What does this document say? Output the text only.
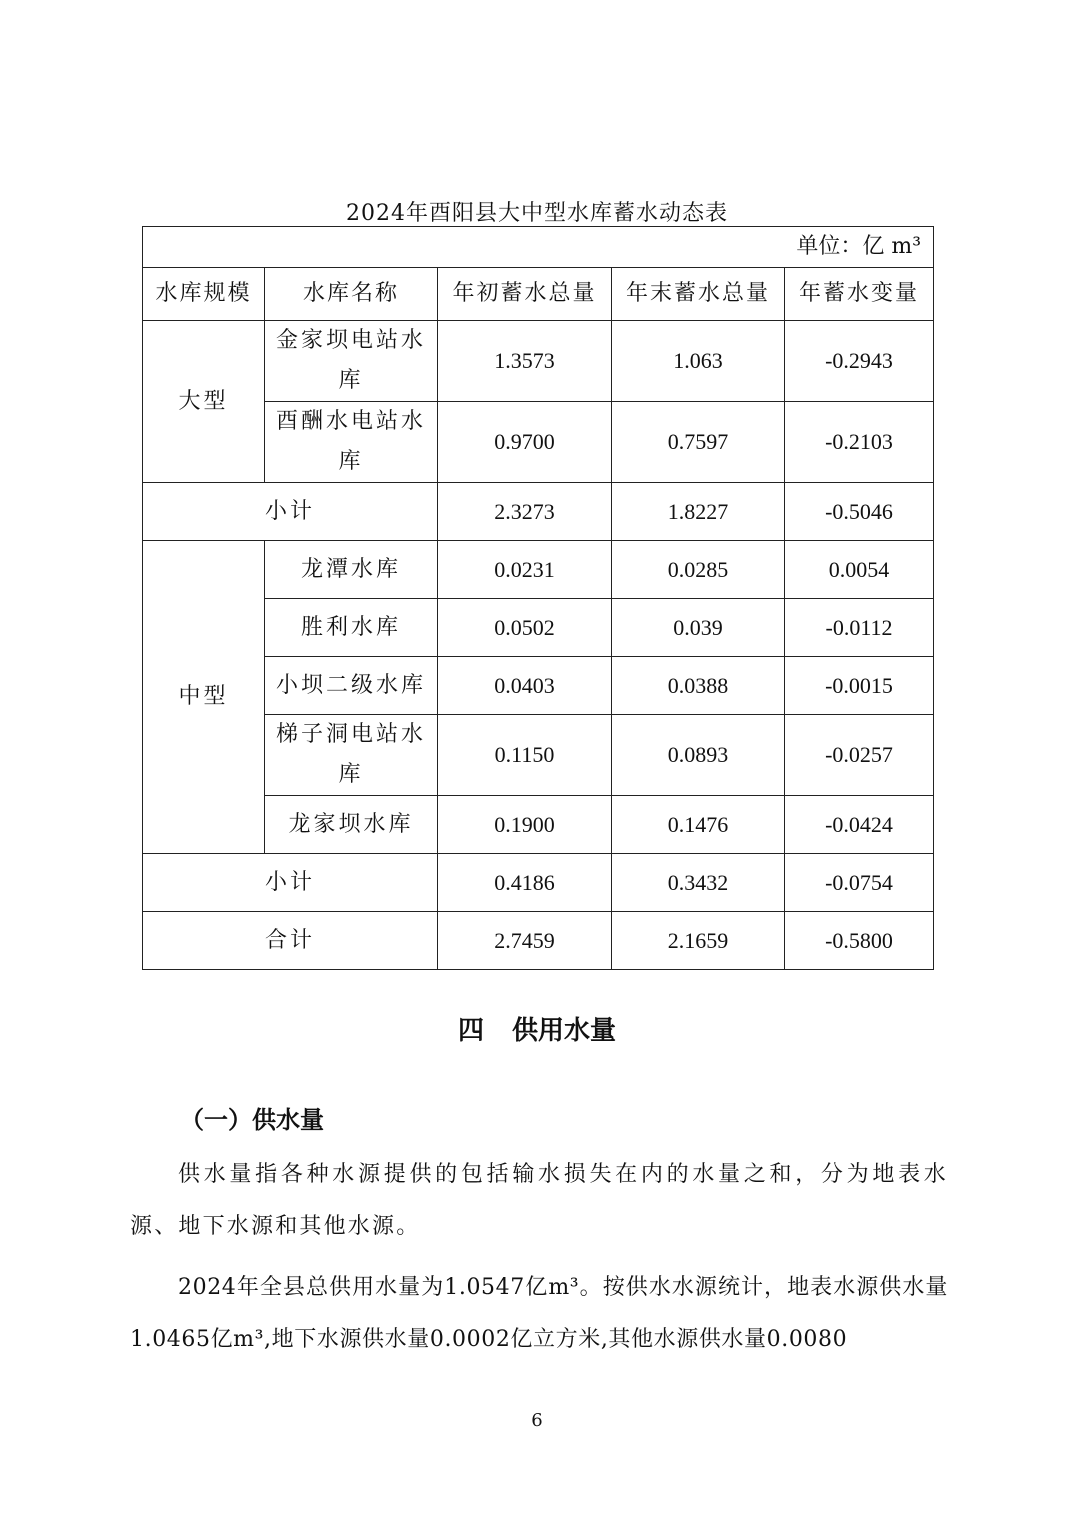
2024年酉阳县大中型水库蓄水动态表
单位：亿 m³				
水库规模	水库名称	年初蓄水总量	年末蓄水总量	年蓄水变量
大型	金家坝电站水库	1.3573	1.063	-0.2943
	酉酬水电站水库	0.9700	0.7597	-0.2103
小计		2.3273	1.8227	-0.5046
中型	龙潭水库	0.0231	0.0285	0.0054
	胜利水库	0.0502	0.039	-0.0112
	小坝二级水库	0.0403	0.0388	-0.0015
	梯子洞电站水库	0.1150	0.0893	-0.0257
	龙家坝水库	0.1900	0.1476	-0.0424
小计		0.4186	0.3432	-0.0754
合计		2.7459	2.1659	-0.5800
四 供用水量
（一）供水量

供水量指各种水源提供的包括输水损失在内的水量之和，分为地表水源、地下水源和其他水源。

2024年全县总供用水量为1.0547亿m³。按供水水源统计，地表水源供水量1.0465亿m³,地下水源供水量0.0002亿立方米,其他水源供水量0.0080

6
